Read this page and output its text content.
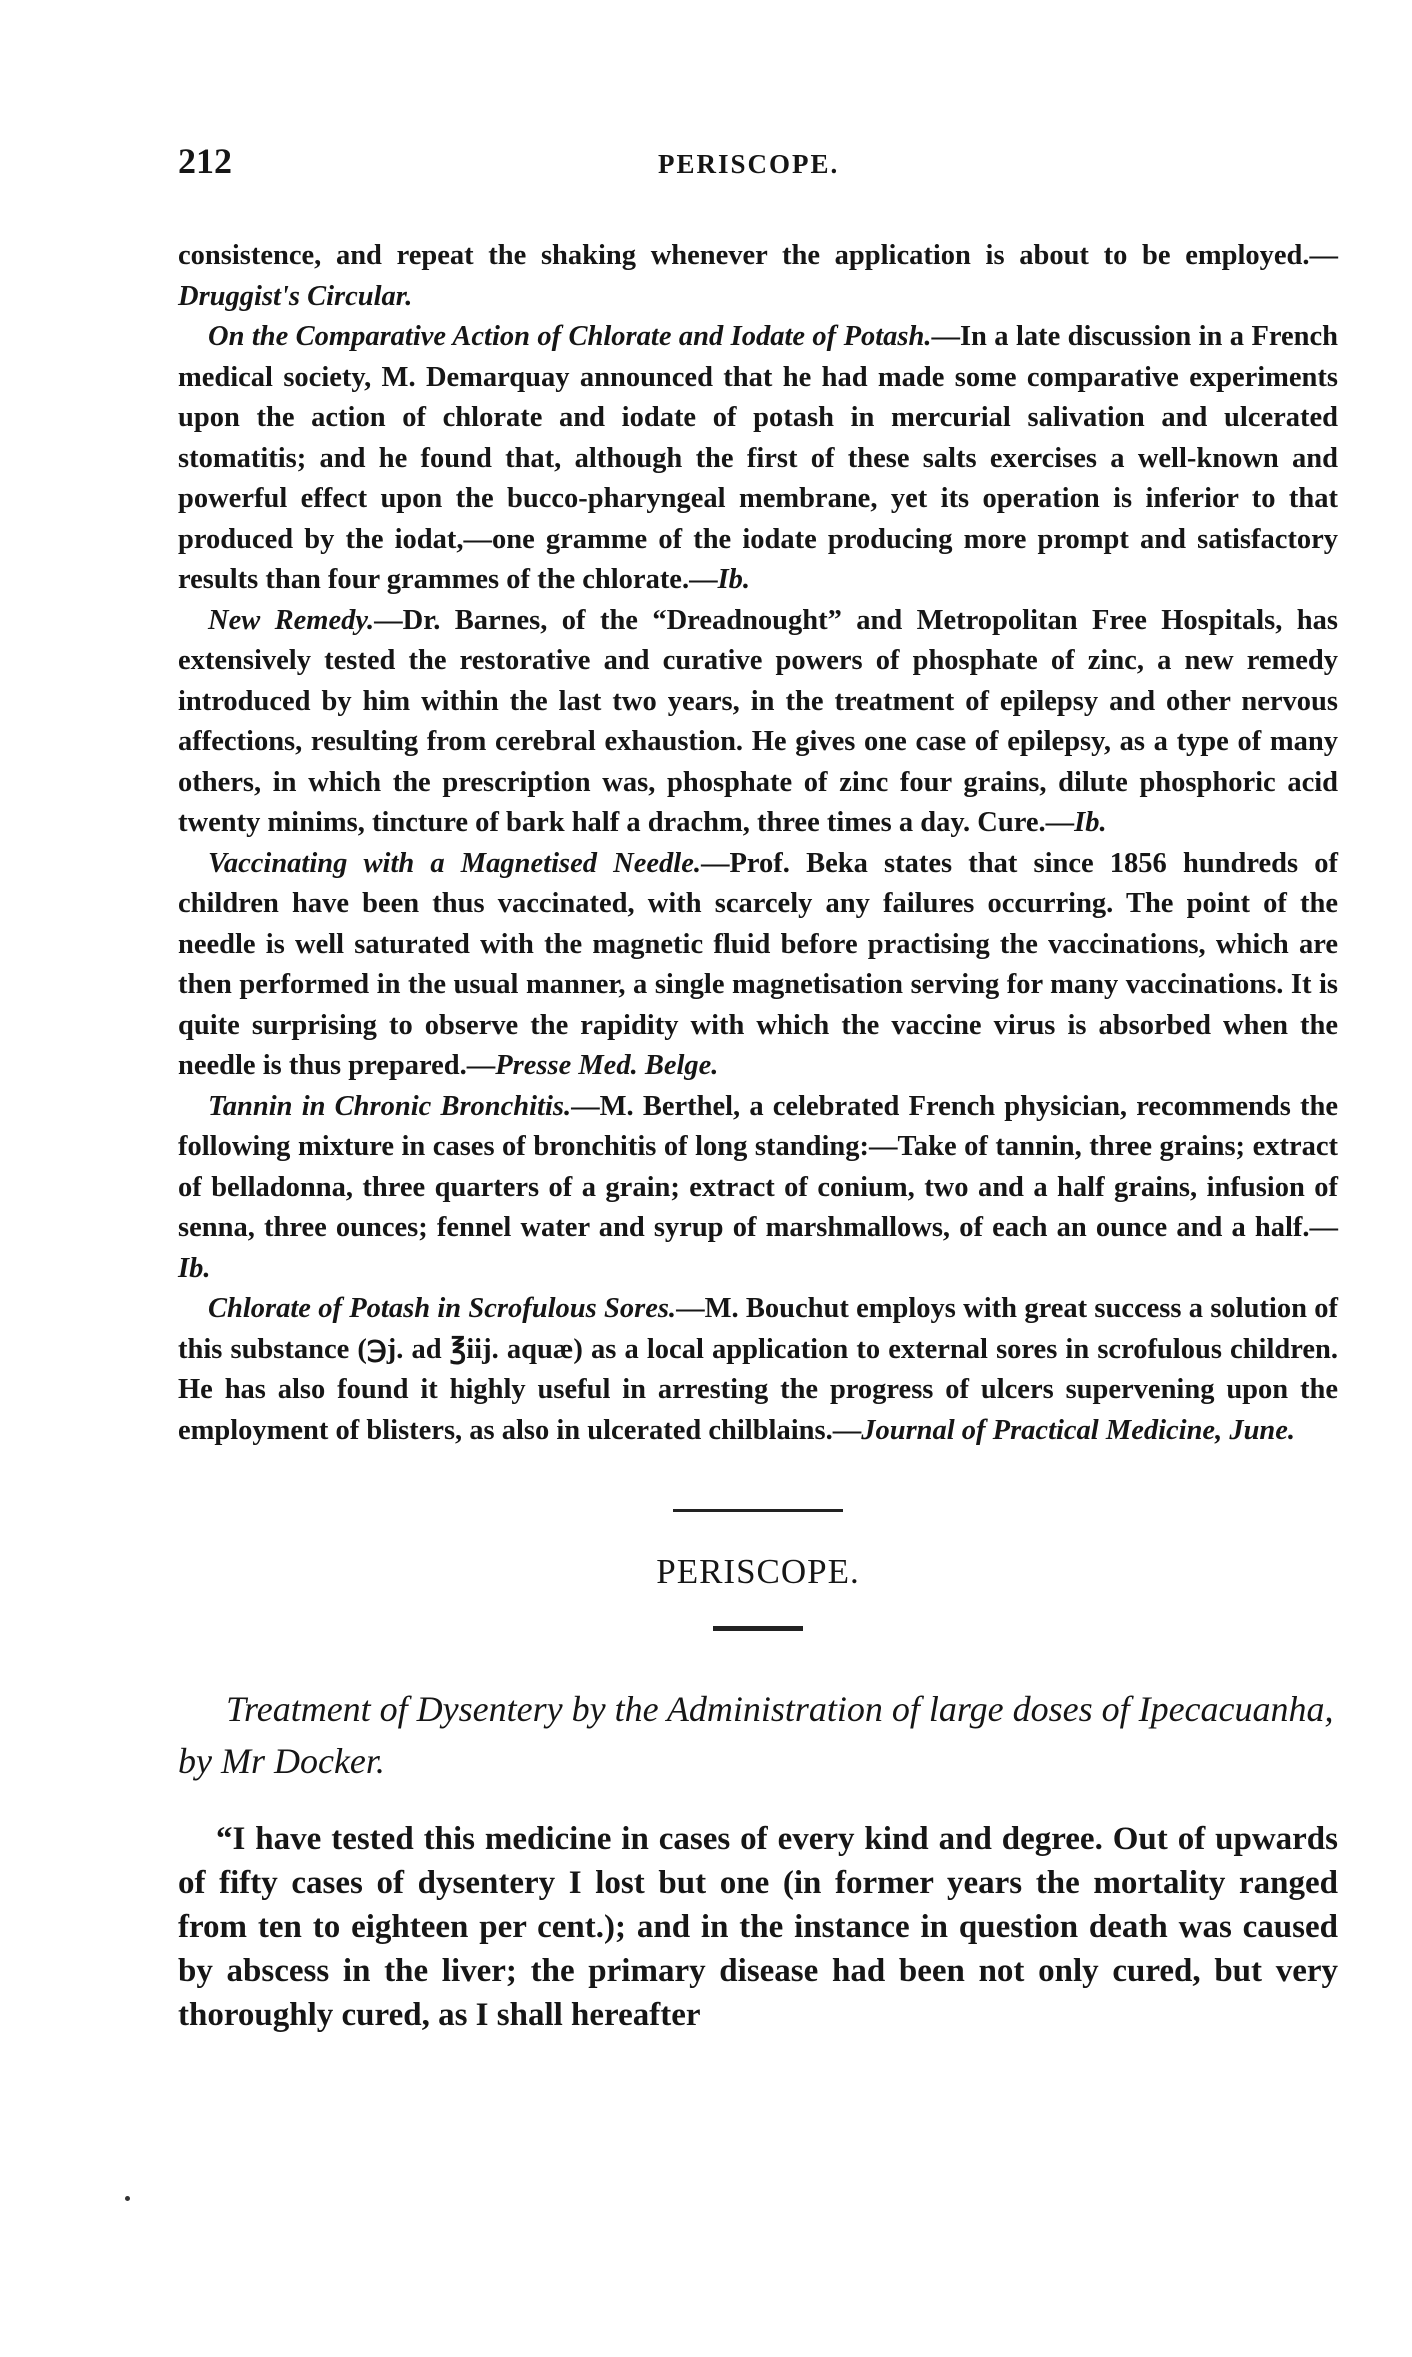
212	PERISCOPE.

consistence, and repeat the shaking whenever the application is about to be employed.—Druggist's Circular.

On the Comparative Action of Chlorate and Iodate of Potash.—In a late discussion in a French medical society, M. Demarquay announced that he had made some comparative experiments upon the action of chlorate and iodate of potash in mercurial salivation and ulcerated stomatitis; and he found that, although the first of these salts exercises a well-known and powerful effect upon the bucco-pharyngeal membrane, yet its operation is inferior to that produced by the iodat,—one gramme of the iodate producing more prompt and satisfactory results than four grammes of the chlorate.—Ib.

New Remedy.—Dr. Barnes, of the “Dreadnought” and Metropolitan Free Hospitals, has extensively tested the restorative and curative powers of phosphate of zinc, a new remedy introduced by him within the last two years, in the treatment of epilepsy and other nervous affections, resulting from cerebral exhaustion. He gives one case of epilepsy, as a type of many others, in which the prescription was, phosphate of zinc four grains, dilute phosphoric acid twenty minims, tincture of bark half a drachm, three times a day. Cure.—Ib.

Vaccinating with a Magnetised Needle.—Prof. Beka states that since 1856 hundreds of children have been thus vaccinated, with scarcely any failures occurring. The point of the needle is well saturated with the magnetic fluid before practising the vaccinations, which are then performed in the usual manner, a single magnetisation serving for many vaccinations. It is quite surprising to observe the rapidity with which the vaccine virus is absorbed when the needle is thus prepared.—Presse Med. Belge.

Tannin in Chronic Bronchitis.—M. Berthel, a celebrated French physician, recommends the following mixture in cases of bronchitis of long standing:—Take of tannin, three grains; extract of belladonna, three quarters of a grain; extract of conium, two and a half grains, infusion of senna, three ounces; fennel water and syrup of marshmallows, of each an ounce and a half.—Ib.

Chlorate of Potash in Scrofulous Sores.—M. Bouchut employs with great success a solution of this substance (℈j. ad ℥iij. aquæ) as a local application to external sores in scrofulous children. He has also found it highly useful in arresting the progress of ulcers supervening upon the employment of blisters, as also in ulcerated chilblains.—Journal of Practical Medicine, June.

PERISCOPE.

Treatment of Dysentery by the Administration of large doses of Ipecacuanha, by Mr Docker.

“I have tested this medicine in cases of every kind and degree. Out of upwards of fifty cases of dysentery I lost but one (in former years the mortality ranged from ten to eighteen per cent.); and in the instance in question death was caused by abscess in the liver; the primary disease had been not only cured, but very thoroughly cured, as I shall hereafter
